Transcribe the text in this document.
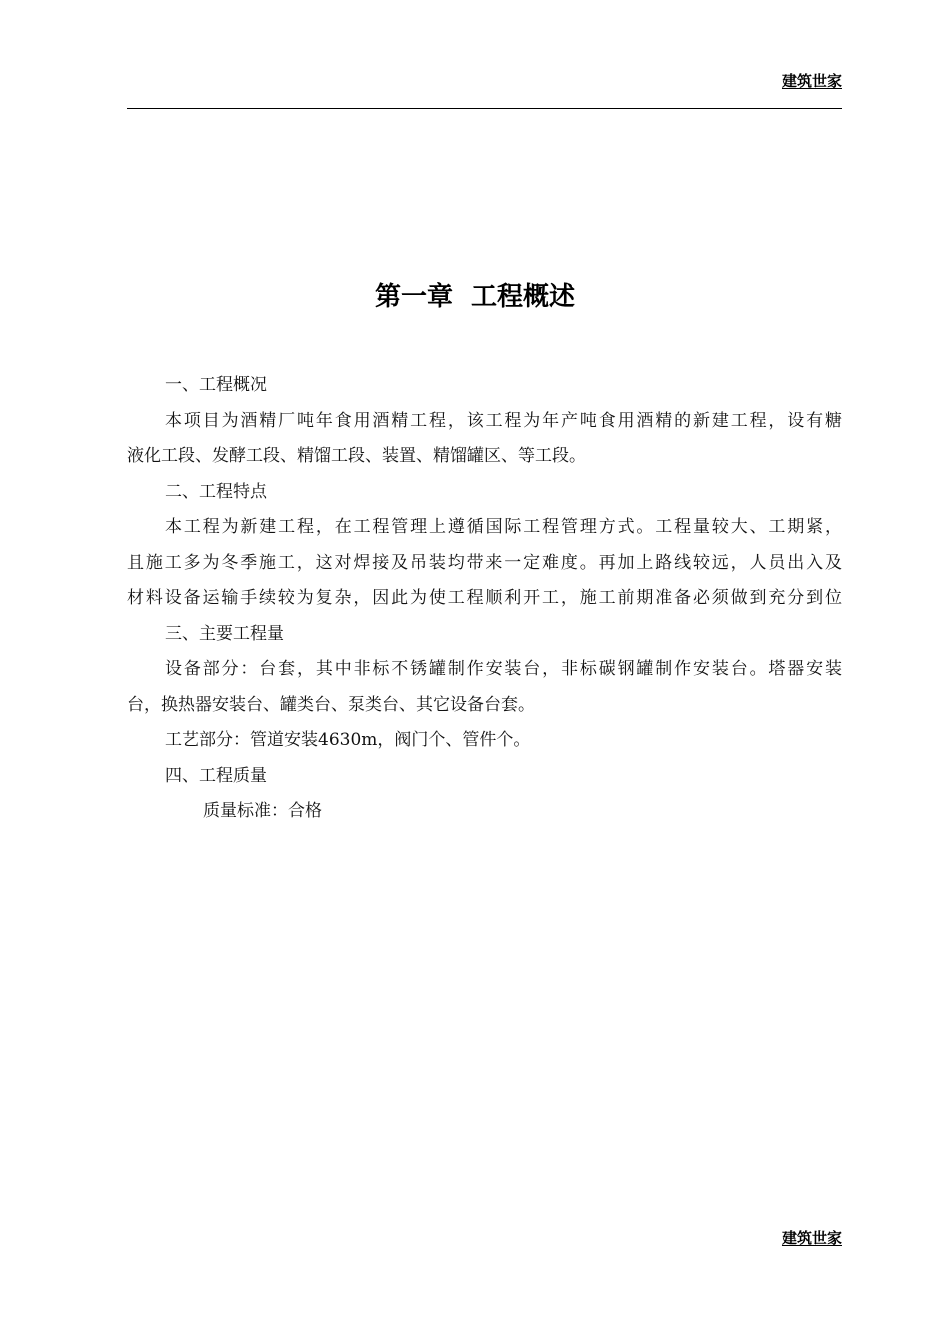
建筑世家
第一章  工程概述
一、工程概况
本项目为酒精厂吨年食用酒精工程，该工程为年产吨食用酒精的新建工程，设有糖
液化工段、发酵工段、精馏工段、装置、精馏罐区、等工段。
二、工程特点
本工程为新建工程，在工程管理上遵循国际工程管理方式。工程量较大、工期紧，
且施工多为冬季施工，这对焊接及吊装均带来一定难度。再加上路线较远，人员出入及
材料设备运输手续较为复杂，因此为使工程顺利开工，施工前期准备必须做到充分到位
三、主要工程量
设备部分：台套，其中非标不锈罐制作安装台，非标碳钢罐制作安装台。塔器安装
台，换热器安装台、罐类台、泵类台、其它设备台套。
工艺部分：管道安装4630m，阀门个、管件个。
四、工程质量
质量标准：合格
建筑世家
